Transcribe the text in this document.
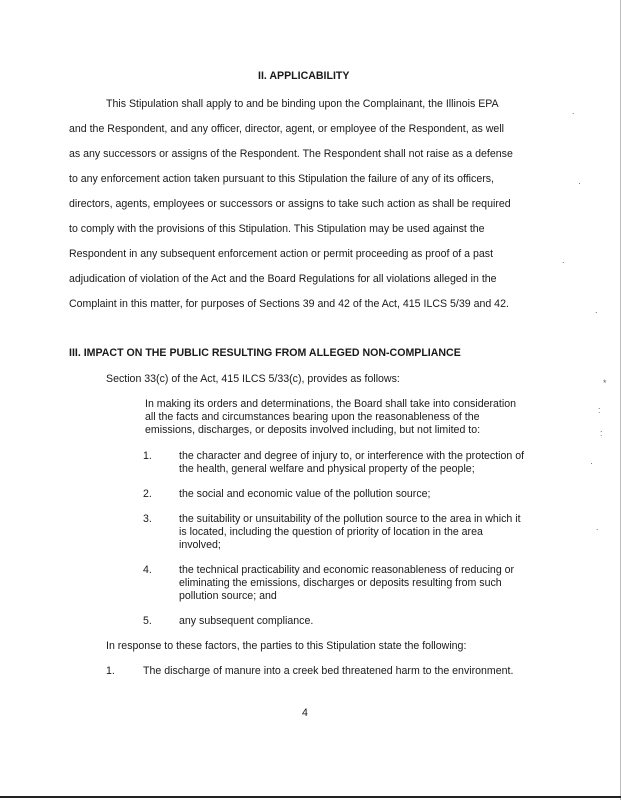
II. APPLICABILITY
This Stipulation shall apply to and be binding upon the Complainant, the Illinois EPA
and the Respondent, and any officer, director, agent, or employee of the Respondent, as well
as any successors or assigns of the Respondent. The Respondent shall not raise as a defense
to any enforcement action taken pursuant to this Stipulation the failure of any of its officers,
directors, agents, employees or successors or assigns to take such action as shall be required
to comply with the provisions of this Stipulation. This Stipulation may be used against the
Respondent in any subsequent enforcement action or permit proceeding as proof of a past
adjudication of violation of the Act and the Board Regulations for all violations alleged in the
Complaint in this matter, for purposes of Sections 39 and 42 of the Act, 415 ILCS 5/39 and 42.
III. IMPACT ON THE PUBLIC RESULTING FROM ALLEGED NON-COMPLIANCE
Section 33(c) of the Act, 415 ILCS 5/33(c), provides as follows:
In making its orders and determinations, the Board shall take into consideration
all the facts and circumstances bearing upon the reasonableness of the
emissions, discharges, or deposits involved including, but not limited to:
1.	the character and degree of injury to, or interference with the protection of
the health, general welfare and physical property of the people;
2.	the social and economic value of the pollution source;
3.	the suitability or unsuitability of the pollution source to the area in which it
is located, including the question of priority of location in the area
involved;
4.	the technical practicability and economic reasonableness of reducing or
eliminating the emissions, discharges or deposits resulting from such
pollution source; and
5.	any subsequent compliance.
In response to these factors, the parties to this Stipulation state the following:
1.	The discharge of manure into a creek bed threatened harm to the environment.
4
.
·
.
.
*
:
:
·
.
